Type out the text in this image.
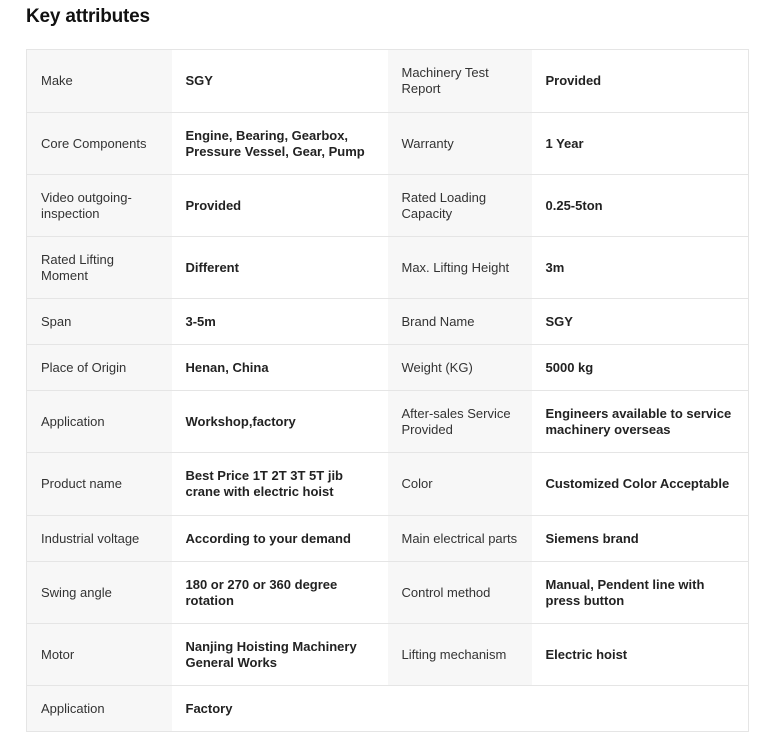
Key attributes
Make	SGY	Machinery Test Report	Provided
Core Components	Engine, Bearing, Gearbox, Pressure Vessel, Gear, Pump	Warranty	1 Year
Video outgoing-inspection	Provided	Rated Loading Capacity	0.25-5ton
Rated Lifting Moment	Different	Max. Lifting Height	3m
Span	3-5m	Brand Name	SGY
Place of Origin	Henan, China	Weight (KG)	5000 kg
Application	Workshop,factory	After-sales Service Provided	Engineers available to service machinery overseas
Product name	Best Price 1T 2T 3T 5T jib crane with electric hoist	Color	Customized Color Acceptable
Industrial voltage	According to your demand	Main electrical parts	Siemens brand
Swing angle	180 or 270 or 360 degree rotation	Control method	Manual, Pendent line with press button
Motor	Nanjing Hoisting Machinery General Works	Lifting mechanism	Electric hoist
Application	Factory		
